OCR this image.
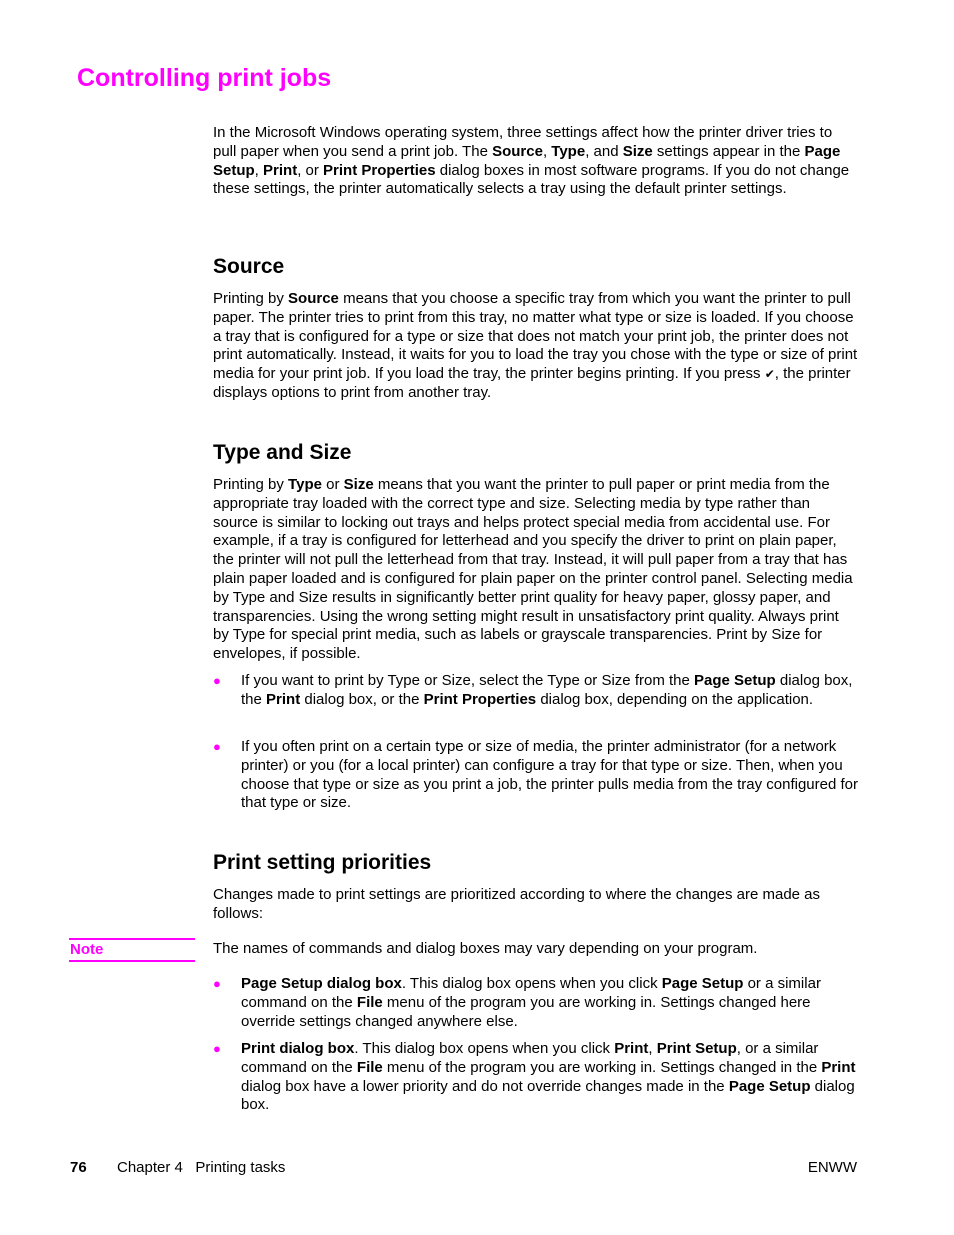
Controlling print jobs

In the Microsoft Windows operating system, three settings affect how the printer driver tries to pull paper when you send a print job. The Source, Type, and Size settings appear in the Page Setup, Print, or Print Properties dialog boxes in most software programs. If you do not change these settings, the printer automatically selects a tray using the default printer settings.

Source

Printing by Source means that you choose a specific tray from which you want the printer to pull paper. The printer tries to print from this tray, no matter what type or size is loaded. If you choose a tray that is configured for a type or size that does not match your print job, the printer does not print automatically. Instead, it waits for you to load the tray you chose with the type or size of print media for your print job. If you load the tray, the printer begins printing. If you press ✔, the printer displays options to print from another tray.

Type and Size

Printing by Type or Size means that you want the printer to pull paper or print media from the appropriate tray loaded with the correct type and size. Selecting media by type rather than source is similar to locking out trays and helps protect special media from accidental use. For example, if a tray is configured for letterhead and you specify the driver to print on plain paper, the printer will not pull the letterhead from that tray. Instead, it will pull paper from a tray that has plain paper loaded and is configured for plain paper on the printer control panel. Selecting media by Type and Size results in significantly better print quality for heavy paper, glossy paper, and transparencies. Using the wrong setting might result in unsatisfactory print quality. Always print by Type for special print media, such as labels or grayscale transparencies. Print by Size for envelopes, if possible.

● If you want to print by Type or Size, select the Type or Size from the Page Setup dialog box, the Print dialog box, or the Print Properties dialog box, depending on the application.
● If you often print on a certain type or size of media, the printer administrator (for a network printer) or you (for a local printer) can configure a tray for that type or size. Then, when you choose that type or size as you print a job, the printer pulls media from the tray configured for that type or size.
Print setting priorities

Changes made to print settings are prioritized according to where the changes are made as follows:

Note	The names of commands and dialog boxes may vary depending on your program.

● Page Setup dialog box. This dialog box opens when you click Page Setup or a similar command on the File menu of the program you are working in. Settings changed here override settings changed anywhere else.
● Print dialog box. This dialog box opens when you click Print, Print Setup, or a similar command on the File menu of the program you are working in. Settings changed in the Print dialog box have a lower priority and do not override changes made in the Page Setup dialog box.
76 Chapter 4   Printing tasks	ENWW
